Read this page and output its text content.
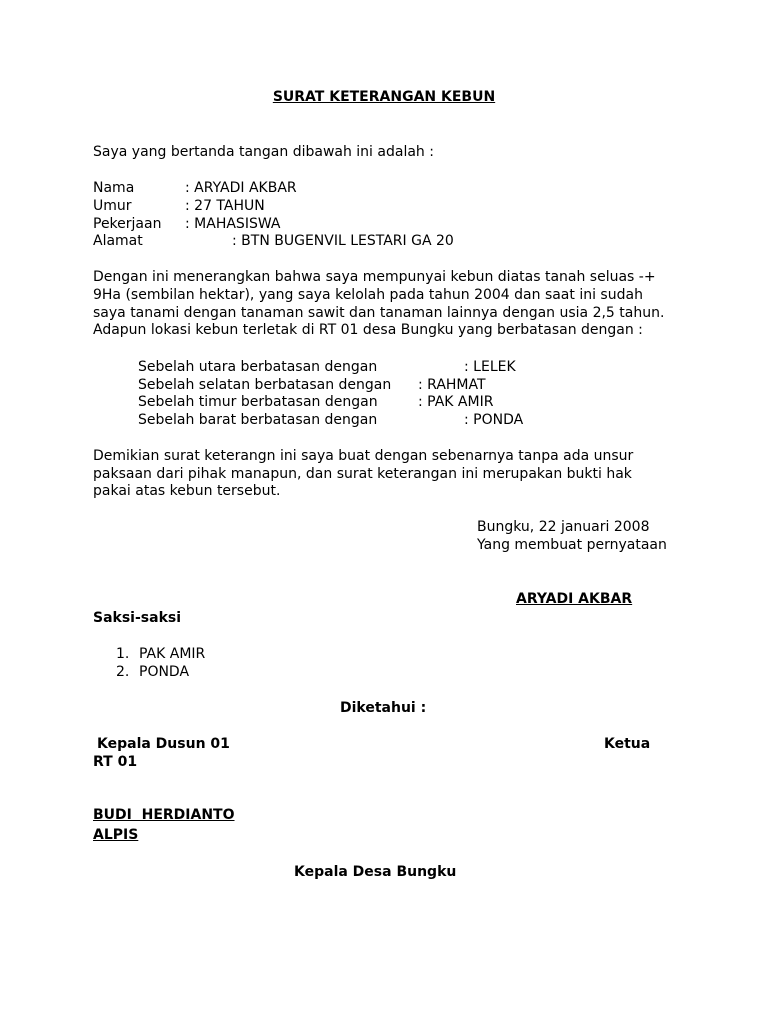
SURAT KETERANGAN KEBUN
Saya yang bertanda tangan dibawah ini adalah :
Nama	: ARYADI AKBAR
Umur	: 27 TAHUN
Pekerjaan : MAHASISWA
Alamat	: BTN BUGENVIL LESTARI GA 20
Dengan ini menerangkan bahwa saya mempunyai kebun diatas tanah seluas -+
9Ha (sembilan hektar), yang saya kelolah pada tahun 2004 dan saat ini sudah
saya tanami dengan tanaman sawit dan tanaman lainnya dengan usia 2,5 tahun.
Adapun lokasi kebun terletak di RT 01 desa Bungku yang berbatasan dengan :
Sebelah utara berbatasan dengan	: LELEK
Sebelah selatan berbatasan dengan : RAHMAT
Sebelah timur berbatasan dengan	: PAK AMIR
Sebelah barat berbatasan dengan	: PONDA
Demikian surat keterangn ini saya buat dengan sebenarnya tanpa ada unsur
paksaan dari pihak manapun, dan surat keterangan ini merupakan bukti hak
pakai atas kebun tersebut.
Bungku, 22 januari 2008
Yang membuat pernyataan
ARYADI AKBAR
Saksi-saksi
1. PAK AMIR
2. PONDA
Diketahui :
Kepala Dusun 01	Ketua
RT 01
BUDI  HERDIANTO
ALPIS
Kepala Desa Bungku
